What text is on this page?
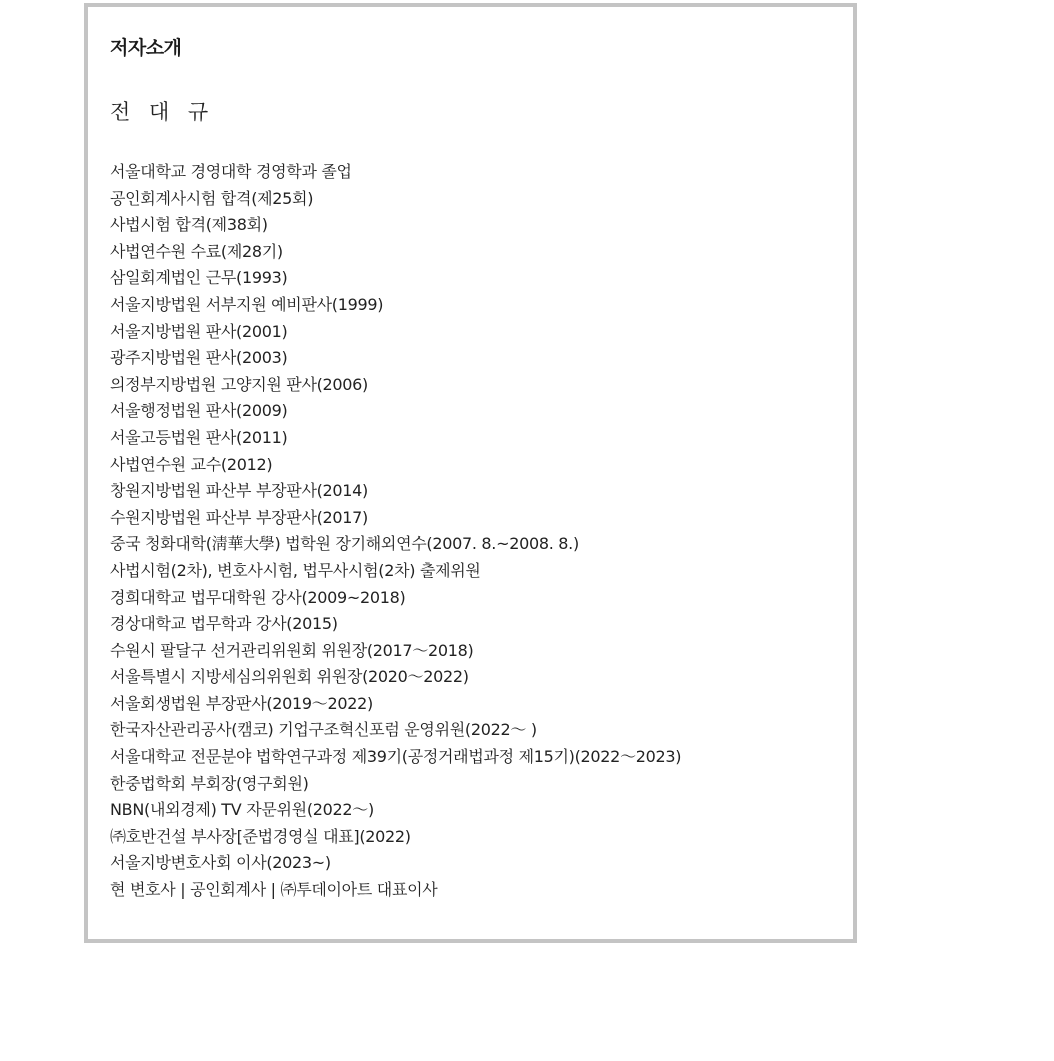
저자소개
전 대 규
서울대학교 경영대학 경영학과 졸업
공인회계사시험 합격(제25회)
사법시험 합격(제38회)
사법연수원 수료(제28기)
삼일회계법인 근무(1993)
서울지방법원 서부지원 예비판사(1999)
서울지방법원 판사(2001)
광주지방법원 판사(2003)
의정부지방법원 고양지원 판사(2006)
서울행정법원 판사(2009)
서울고등법원 판사(2011)
사법연수원 교수(2012)
창원지방법원 파산부 부장판사(2014)
수원지방법원 파산부 부장판사(2017)
중국 청화대학(淸華大學) 법학원 장기해외연수(2007. 8.~2008. 8.)
사법시험(2차), 변호사시험, 법무사시험(2차) 출제위원
경희대학교 법무대학원 강사(2009~2018)
경상대학교 법무학과 강사(2015)
수원시 팔달구 선거관리위원회 위원장(2017～2018)
서울특별시 지방세심의위원회 위원장(2020～2022)
서울회생법원 부장판사(2019～2022)
한국자산관리공사(캠코) 기업구조혁신포럼 운영위원(2022～ )
서울대학교 전문분야 법학연구과정 제39기(공정거래법과정 제15기)(2022～2023)
한중법학회 부회장(영구회원)
NBN(내외경제) TV 자문위원(2022～)
㈜호반건설 부사장[준법경영실 대표](2022)
서울지방변호사회 이사(2023~)
현 변호사 | 공인회계사 | ㈜투데이아트 대표이사
